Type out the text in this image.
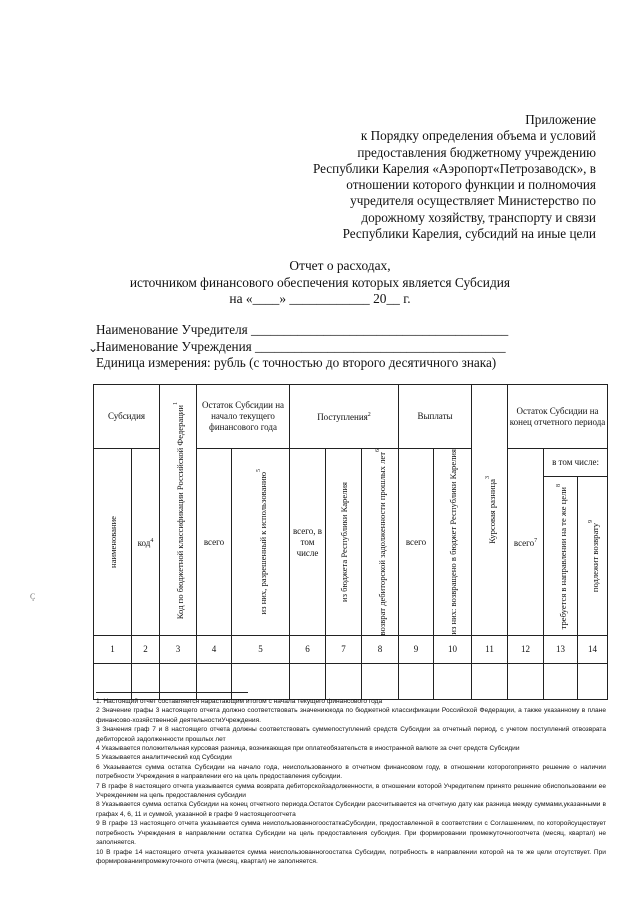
Приложение
к Порядку определения объема и условий
предоставления бюджетному учреждению
Республики Карелия «Аэропорт«Петрозаводск», в
отношении которого функции и полномочия
учредителя осуществляет Министерство по
дорожному хозяйству, транспорту и связи
Республики Карелия, субсидий на иные цели
Отчет о расходах,
источником финансового обеспечения которых является Субсидия
на «____» ____________ 20__ г.
⌄
Наименование Учредителя _______________________________________
Наименование Учреждения ______________________________________
Единица измерения: рубль (с точностью до второго десятичного знака)
Субсидия		Код по бюджетной классификации Российской Федерации$^1$	Остаток Субсидии на начало текущего финансового года		Поступления$^2$			Выплаты		Курсовая разница$^3$	Остаток Субсидии на конец отчетного периода		

наименование	код$^4$		всего	из них, разрешенный к использованию$^5$	всего, в том числе	из бюджета Республики Карелия	возврат дебиторской задолженности прошлых лет$^6$	всего	из них: возвращено в бюджет Республики Карелия		всего$^7$	в том числе:	

												требуется в направлении на те же цели$^8$	подлежит возврату$^9$

1	2	3	4	5	6	7	8	9	10	11	12	13	14

Ç

1. Настоящий отчет составляется нарастающим итогом с начала текущего финансового года

2 Значение графы 3 настоящего отчета должно соответствовать значениюкода по бюджетной классификации Российской Федерации, а также указанному в плане финансово-хозяйственной деятельностиУчреждения.

3 Значения граф 7 и 8 настоящего отчета должны соответствовать суммепоступлений средств Субсидии за отчетный период, с учетом поступлений отвозврата дебиторской задолженности прошлых лет

4 Указывается положительная курсовая разница, возникающая при оплатеобязательств в иностранной валюте за счет средств Субсидии

5 Указывается аналитический код Субсидии

6 Указывается сумма остатка Субсидии на начало года, неиспользованного в отчетном финансовом году, в отношении которогопринято решение о наличии потребности Учреждения в направлении его на цель предоставления субсидии.

7 В графе 8 настоящего отчета указывается сумма возврата дебиторскойзадолженности, в отношении которой Учредителем принято решение обиспользовании ее Учреждением на цель предоставления субсидии

8 Указывается сумма остатка Субсидии на конец отчетного периода.Остаток Субсидии рассчитывается на отчетную дату как разница между суммами,указанными в графах 4, 6, 11 и суммой, указанной в графе 9 настоящегоотчета

9 В графе 13 настоящего отчета указывается сумма неиспользованногоостаткаСубсидии, предоставленной в соответствии с Соглашением, по которойсуществует потребность Учреждения в направлении остатка Субсидии на цель предоставления субсидия. При формировании промежуточногоотчета (месяц, квартал) не заполняется.

10 В графе 14 настоящего отчета указывается сумма неиспользованногоостатка Субсидии, потребность в направлении которой на те же цели отсутствует. При формированиипромежуточного отчета (месяц, квартал) не заполняется.
